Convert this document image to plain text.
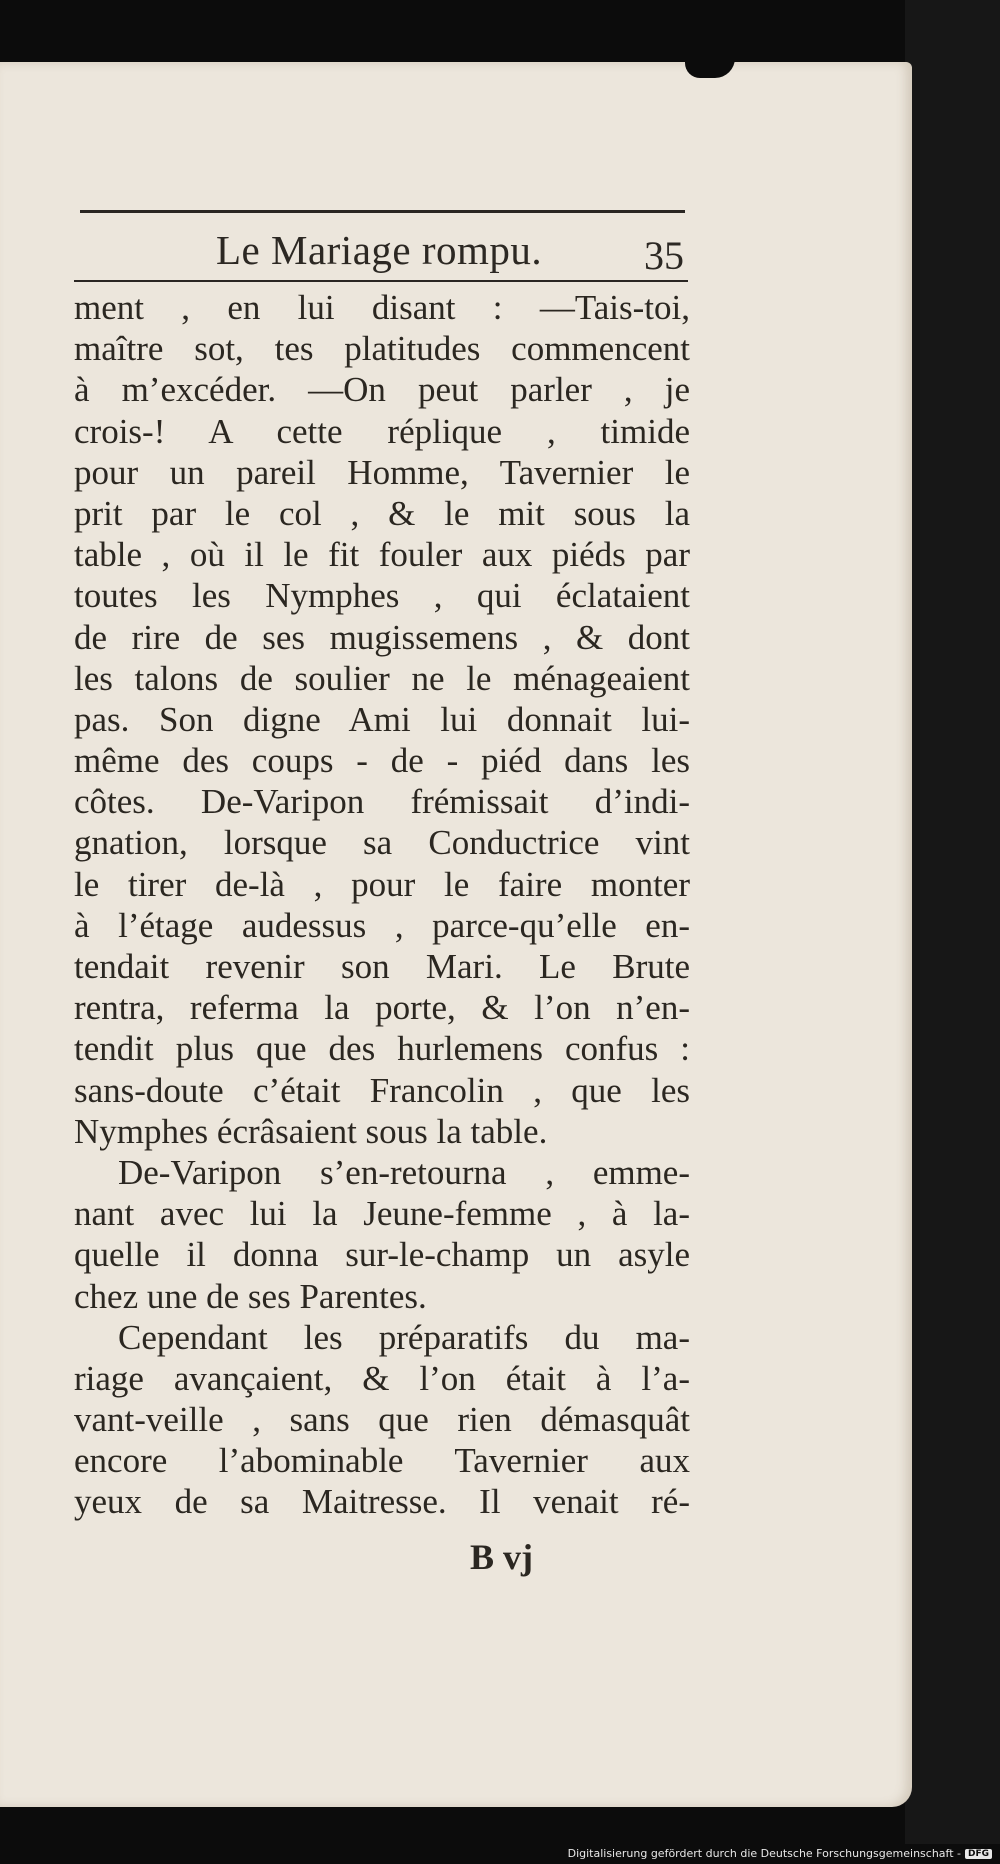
Le Mariage rompu.	35
ment , en lui disant : —Tais-toi,
maître sot, tes platitudes commencent
à m’excéder. —On peut parler , je
crois-! A cette réplique , timide
pour un pareil Homme, Tavernier le
prit par le col , & le mit sous la
table , où il le fit fouler aux piéds par
toutes les Nymphes , qui éclataient
de rire de ses mugissemens , & dont
les talons de soulier ne le ménageaient
pas. Son digne Ami lui donnait lui-
même des coups - de - piéd dans les
côtes. De-Varipon frémissait d’indi-
gnation, lorsque sa Conductrice vint
le tirer de-là , pour le faire monter
à l’étage audessus , parce-qu’elle en-
tendait revenir son Mari. Le Brute
rentra, referma la porte, & l’on n’en-
tendit plus que des hurlemens confus :
sans-doute c’était Francolin , que les
Nymphes écrâsaient sous la table.
De-Varipon s’en-retourna , emme-
nant avec lui la Jeune-femme , à la-
quelle il donna sur-le-champ un asyle
chez une de ses Parentes.
Cependant les préparatifs du ma-
riage avançaient, & l’on était à l’a-
vant-veille , sans que rien démasquât
encore l’abominable Tavernier aux
yeux de sa Maitresse. Il venait ré-
B vj
Digitalisierung gefördert durch die Deutsche Forschungsgemeinschaft - DFG
